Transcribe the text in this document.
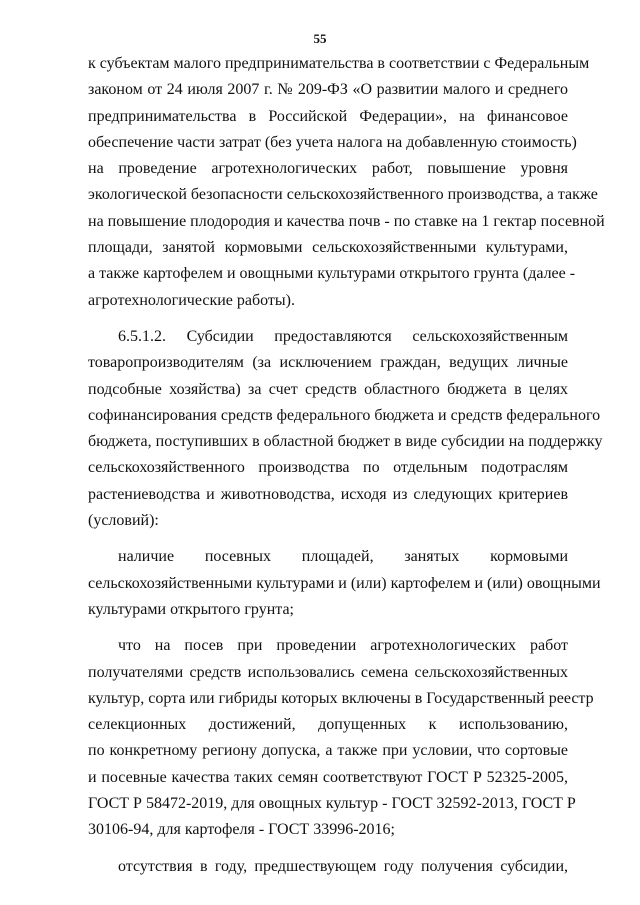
55
к субъектам малого предпринимательства в соответствии с Федеральным
законом от 24 июля 2007 г. № 209-ФЗ «О развитии малого и среднего
предпринимательства в Российской Федерации», на финансовое
обеспечение части затрат (без учета налога на добавленную стоимость)
на проведение агротехнологических работ, повышение уровня
экологической безопасности сельскохозяйственного производства, а также
на повышение плодородия и качества почв - по ставке на 1 гектар посевной
площади, занятой кормовыми сельскохозяйственными культурами,
а также картофелем и овощными культурами открытого грунта (далее -
агротехнологические работы).
6.5.1.2. Субсидии предоставляются сельскохозяйственным
товаропроизводителям (за исключением граждан, ведущих личные
подсобные хозяйства) за счет средств областного бюджета в целях
софинансирования средств федерального бюджета и средств федерального
бюджета, поступивших в областной бюджет в виде субсидии на поддержку
сельскохозяйственного производства по отдельным подотраслям
растениеводства и животноводства, исходя из следующих критериев
(условий):
наличие посевных площадей, занятых кормовыми
сельскохозяйственными культурами и (или) картофелем и (или) овощными
культурами открытого грунта;
что на посев при проведении агротехнологических работ
получателями средств использовались семена сельскохозяйственных
культур, сорта или гибриды которых включены в Государственный реестр
селекционных достижений, допущенных к использованию,
по конкретному региону допуска, а также при условии, что сортовые
и посевные качества таких семян соответствуют ГОСТ Р 52325-2005,
ГОСТ Р 58472-2019, для овощных культур - ГОСТ 32592-2013, ГОСТ Р
30106-94, для картофеля - ГОСТ 33996-2016;
отсутствия в году, предшествующем году получения субсидии,
